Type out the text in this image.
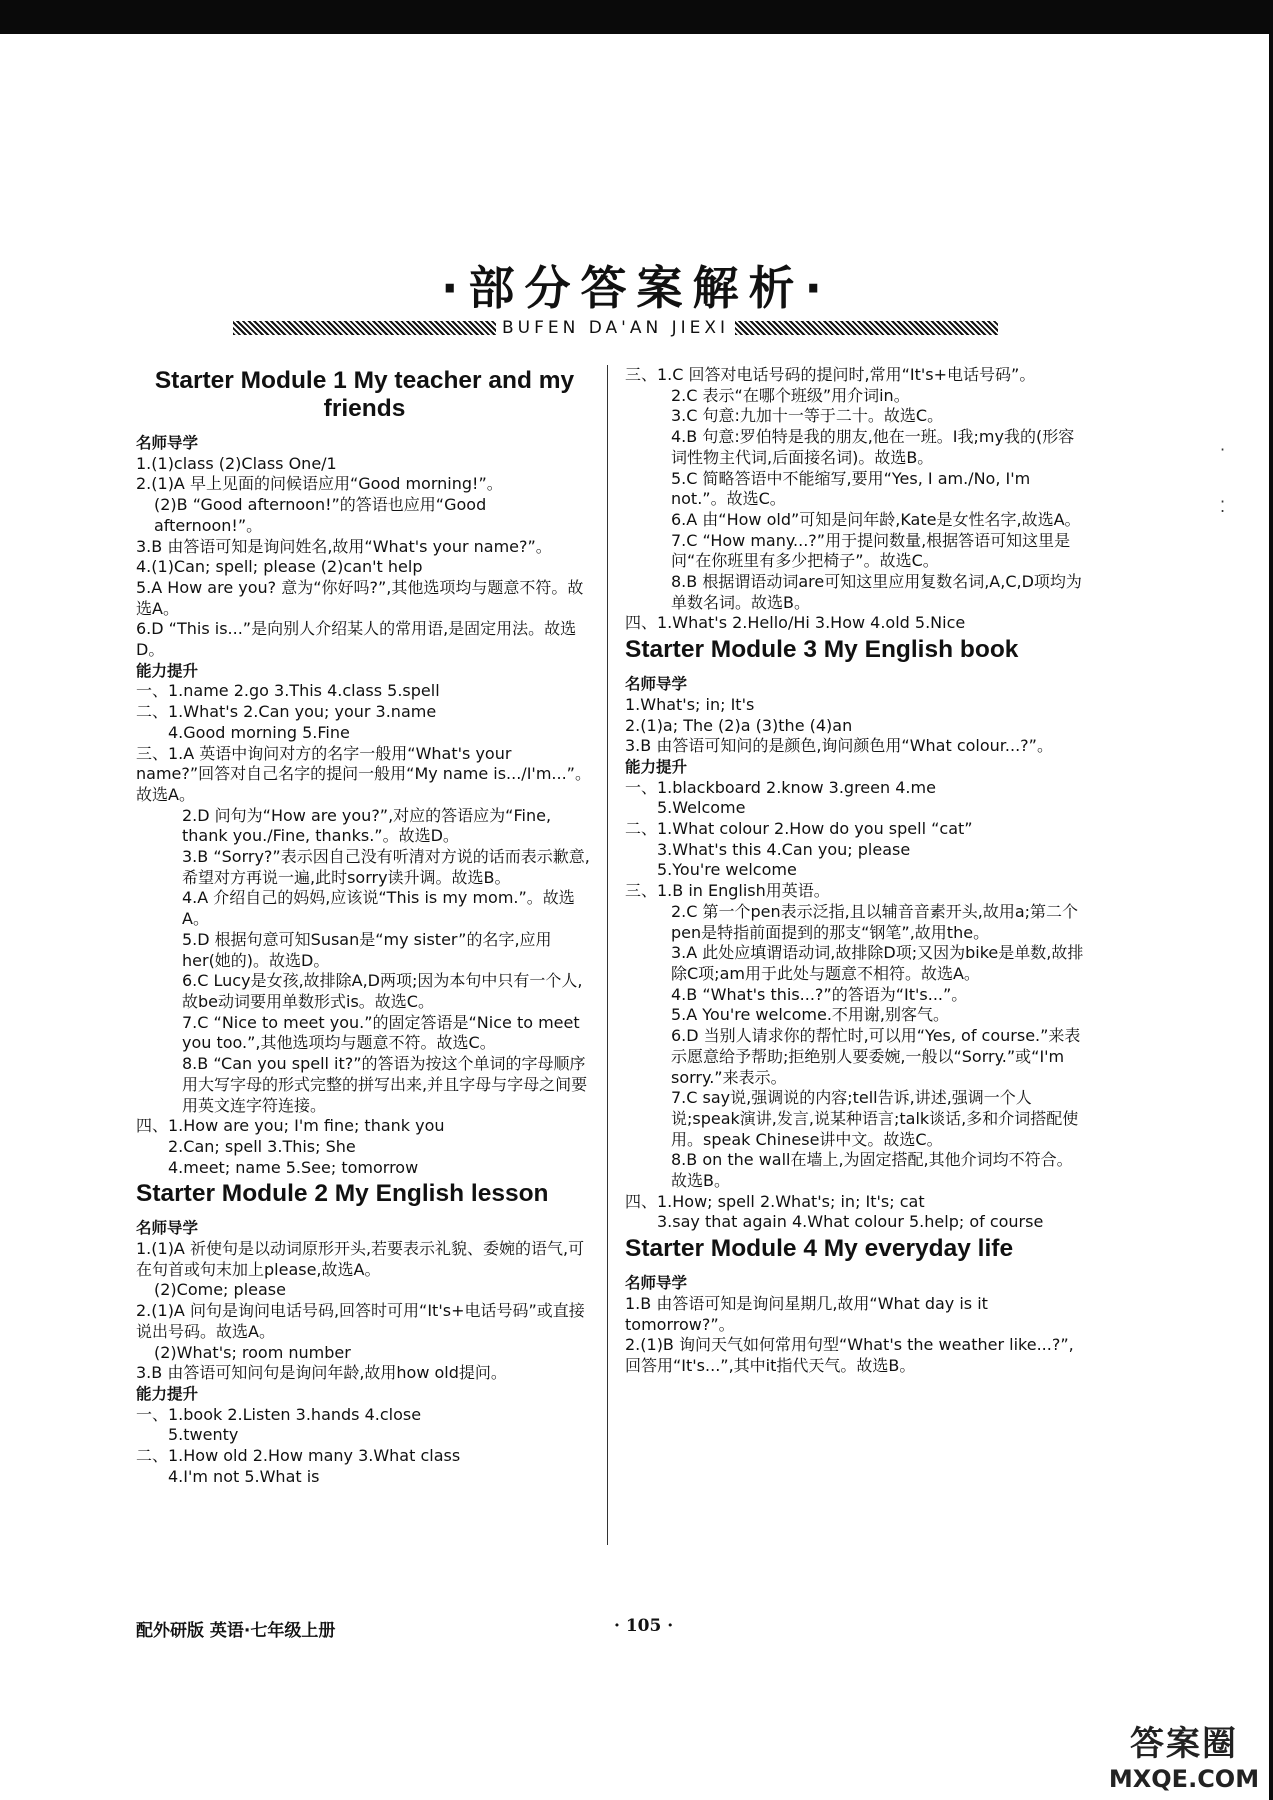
·部分答案解析·
BUFEN DA'AN JIEXI
Starter Module 1 My teacher and my friends
名师导学
1.(1)class (2)Class One/1
2.(1)A 早上见面的问候语应用“Good morning!”。
(2)B “Good afternoon!”的答语也应用“Good afternoon!”。
3.B 由答语可知是询问姓名,故用“What's your name?”。
4.(1)Can; spell; please (2)can't help
5.A How are you? 意为“你好吗?”,其他选项均与题意不符。故选A。
6.D “This is...”是向别人介绍某人的常用语,是固定用法。故选D。
能力提升
一、1.name 2.go 3.This 4.class 5.spell
二、1.What's 2.Can you; your 3.name
4.Good morning 5.Fine
三、1.A 英语中询问对方的名字一般用“What's your name?”回答对自己名字的提问一般用“My name is.../I'm...”。故选A。
2.D 问句为“How are you?”,对应的答语应为“Fine, thank you./Fine, thanks.”。故选D。
3.B “Sorry?”表示因自己没有听清对方说的话而表示歉意,希望对方再说一遍,此时sorry读升调。故选B。
4.A 介绍自己的妈妈,应该说“This is my mom.”。故选A。
5.D 根据句意可知Susan是“my sister”的名字,应用her(她的)。故选D。
6.C Lucy是女孩,故排除A,D两项;因为本句中只有一个人,故be动词要用单数形式is。故选C。
7.C “Nice to meet you.”的固定答语是“Nice to meet you too.”,其他选项均与题意不符。故选C。
8.B “Can you spell it?”的答语为按这个单词的字母顺序用大写字母的形式完整的拼写出来,并且字母与字母之间要用英文连字符连接。
四、1.How are you; I'm fine; thank you
2.Can; spell 3.This; She
4.meet; name 5.See; tomorrow
Starter Module 2 My English lesson
名师导学
1.(1)A 祈使句是以动词原形开头,若要表示礼貌、委婉的语气,可在句首或句末加上please,故选A。
(2)Come; please
2.(1)A 问句是询问电话号码,回答时可用“It's+电话号码”或直接说出号码。故选A。
(2)What's; room number
3.B 由答语可知问句是询问年龄,故用how old提问。
能力提升
一、1.book 2.Listen 3.hands 4.close
5.twenty
二、1.How old 2.How many 3.What class
4.I'm not 5.What is
三、1.C 回答对电话号码的提问时,常用“It's+电话号码”。
2.C 表示“在哪个班级”用介词in。
3.C 句意:九加十一等于二十。故选C。
4.B 句意:罗伯特是我的朋友,他在一班。I我;my我的(形容词性物主代词,后面接名词)。故选B。
5.C 简略答语中不能缩写,要用“Yes, I am./No, I'm not.”。故选C。
6.A 由“How old”可知是问年龄,Kate是女性名字,故选A。
7.C “How many...?”用于提问数量,根据答语可知这里是问“在你班里有多少把椅子”。故选C。
8.B 根据谓语动词are可知这里应用复数名词,A,C,D项均为单数名词。故选B。
四、1.What's 2.Hello/Hi 3.How 4.old 5.Nice
Starter Module 3 My English book
名师导学
1.What's; in; It's
2.(1)a; The (2)a (3)the (4)an
3.B 由答语可知问的是颜色,询问颜色用“What colour...?”。
能力提升
一、1.blackboard 2.know 3.green 4.me
5.Welcome
二、1.What colour 2.How do you spell “cat”
3.What's this 4.Can you; please
5.You're welcome
三、1.B in English用英语。
2.C 第一个pen表示泛指,且以辅音音素开头,故用a;第二个pen是特指前面提到的那支“钢笔”,故用the。
3.A 此处应填谓语动词,故排除D项;又因为bike是单数,故排除C项;am用于此处与题意不相符。故选A。
4.B “What's this...?”的答语为“It's...”。
5.A You're welcome.不用谢,别客气。
6.D 当别人请求你的帮忙时,可以用“Yes, of course.”来表示愿意给予帮助;拒绝别人要委婉,一般以“Sorry.”或“I'm sorry.”来表示。
7.C say说,强调说的内容;tell告诉,讲述,强调一个人说;speak演讲,发言,说某种语言;talk谈话,多和介词搭配使用。speak Chinese讲中文。故选C。
8.B on the wall在墙上,为固定搭配,其他介词均不符合。故选B。
四、1.How; spell 2.What's; in; It's; cat
3.say that again 4.What colour 5.help; of course
Starter Module 4 My everyday life
名师导学
1.B 由答语可知是询问星期几,故用“What day is it tomorrow?”。
2.(1)B 询问天气如何常用句型“What's the weather like...?”,回答用“It's...”,其中it指代天气。故选B。
·

⁚
配外研版 英语·七年级上册	· 105 ·
答案圈
MXQE.COM
